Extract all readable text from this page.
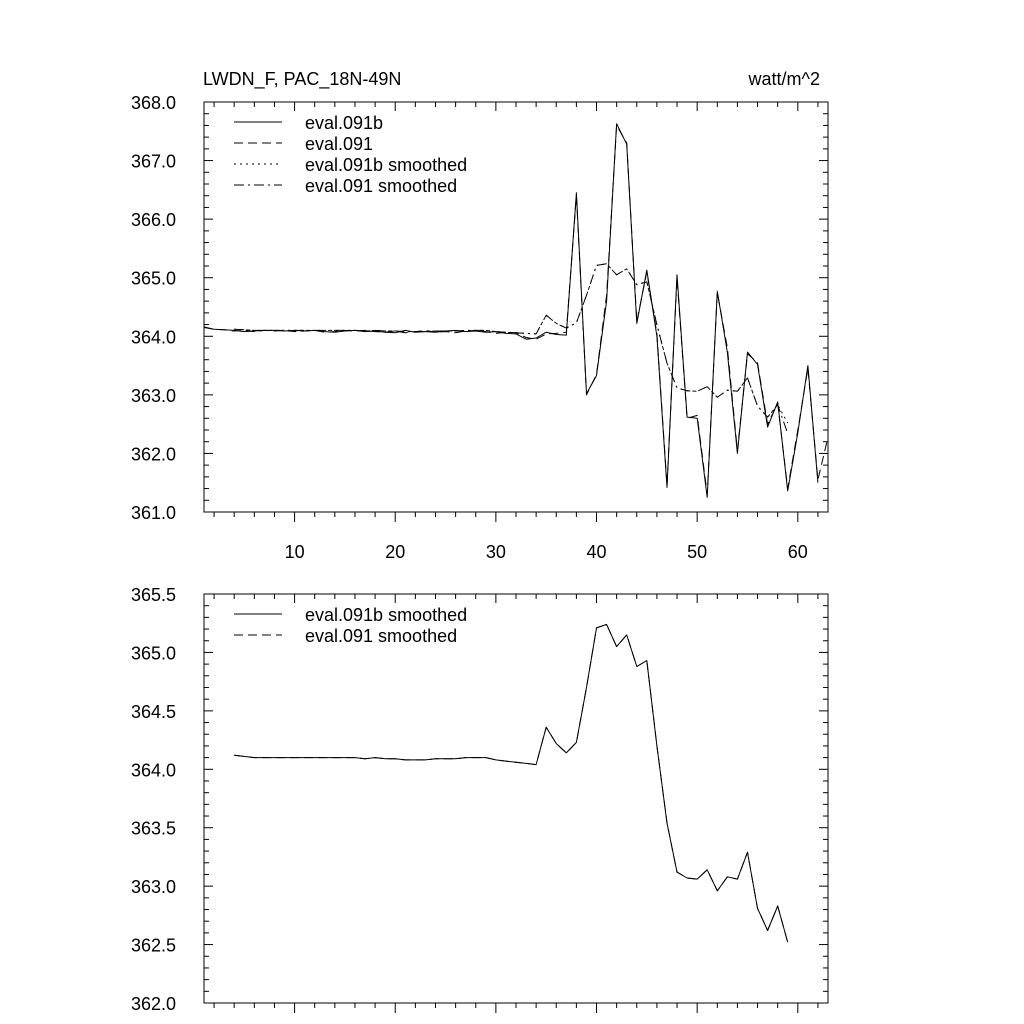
LWDN_F, PAC_18N-49N	watt/m^2
361.0
362.0
363.0
364.0
365.0
366.0
367.0
368.0
10	20	30	40	50	60
eval.091b
eval.091
eval.091b smoothed
eval.091 smoothed
362.0
362.5
363.0
363.5
364.0
364.5
365.0
365.5
eval.091b smoothed
eval.091 smoothed
